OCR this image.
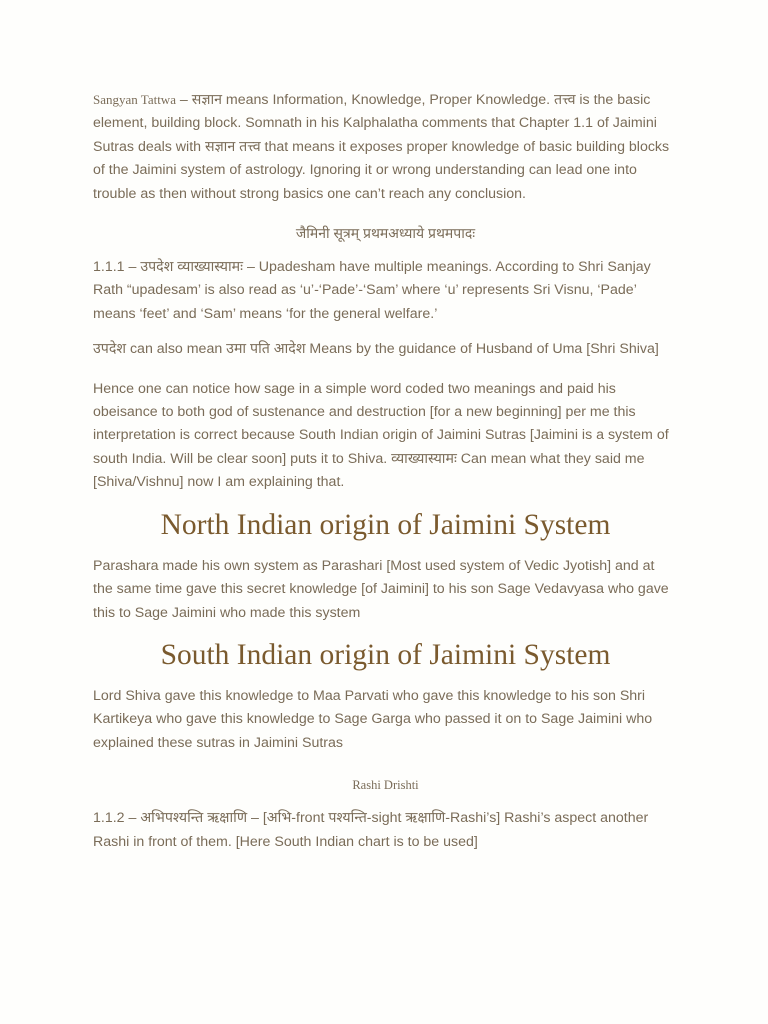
Sangyan Tattwa – सज्ञान means Information, Knowledge, Proper Knowledge. तत्त्व is the basic element, building block. Somnath in his Kalphalatha comments that Chapter 1.1 of Jaimini Sutras deals with सज्ञान तत्त्व that means it exposes proper knowledge of basic building blocks of the Jaimini system of astrology. Ignoring it or wrong understanding can lead one into trouble as then without strong basics one can’t reach any conclusion.

जैमिनी सूत्रम् प्रथमअध्याये प्रथमपादः

1.1.1 – उपदेश व्याख्यास्यामः – Upadesham have multiple meanings. According to Shri Sanjay Rath “upadesam’ is also read as ‘u’-‘Pade’-‘Sam’ where ‘u’ represents Sri Visnu, ‘Pade’ means ‘feet’ and ‘Sam’ means ‘for the general welfare.’

उपदेश can also mean उमा पति आदेश Means by the guidance of Husband of Uma [Shri Shiva]

Hence one can notice how sage in a simple word coded two meanings and paid his obeisance to both god of sustenance and destruction [for a new beginning] per me this interpretation is correct because South Indian origin of Jaimini Sutras [Jaimini is a system of south India. Will be clear soon] puts it to Shiva. व्याख्यास्यामः Can mean what they said me [Shiva/Vishnu] now I am explaining that.

North Indian origin of Jaimini System

Parashara made his own system as Parashari [Most used system of Vedic Jyotish] and at the same time gave this secret knowledge [of Jaimini] to his son Sage Vedavyasa who gave this to Sage Jaimini who made this system

South Indian origin of Jaimini System

Lord Shiva gave this knowledge to Maa Parvati who gave this knowledge to his son Shri Kartikeya who gave this knowledge to Sage Garga who passed it on to Sage Jaimini who explained these sutras in Jaimini Sutras

Rashi Drishti

1.1.2 – अभिपश्यन्ति ऋक्षाणि – [अभि-front पश्यन्ति-sight ऋक्षाणि-Rashi’s] Rashi’s aspect another Rashi in front of them. [Here South Indian chart is to be used]
